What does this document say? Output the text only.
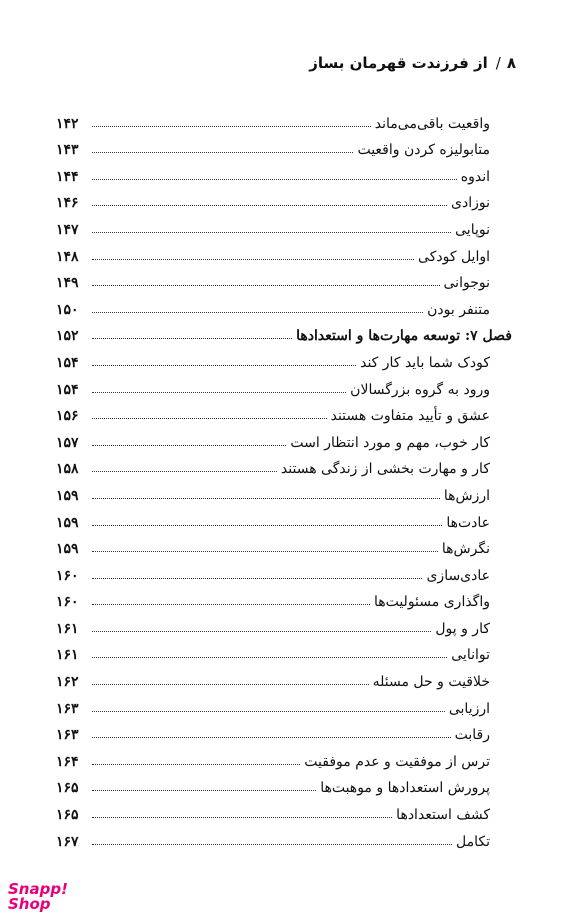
۸
/
از فرزندت قهرمان بساز
واقعیت باقی‌می‌ماند
۱۴۲
متابولیزه کردن واقعیت
۱۴۳
اندوه
۱۴۴
نوزادی
۱۴۶
نوپایی
۱۴۷
اوایل کودکی
۱۴۸
نوجوانی
۱۴۹
متنفر بودن
۱۵۰
فصل ۷: توسعه مهارت‌ها و استعدادها
۱۵۲
کودک شما باید کار کند
۱۵۴
ورود به گروه بزرگسالان
۱۵۴
عشق و تأیید متفاوت هستند
۱۵۶
کار خوب، مهم و مورد انتظار است
۱۵۷
کار و مهارت بخشی از زندگی هستند
۱۵۸
ارزش‌ها
۱۵۹
عادت‌ها
۱۵۹
نگرش‌ها
۱۵۹
عادی‌سازی
۱۶۰
واگذاری مسئولیت‌ها
۱۶۰
کار و پول
۱۶۱
توانایی
۱۶۱
خلاقیت و حل مسئله
۱۶۲
ارزیابی
۱۶۳
رقابت
۱۶۳
ترس از موفقیت و عدم موفقیت
۱۶۴
پرورش استعدادها و موهبت‌ها
۱۶۵
کشف استعدادها
۱۶۵
تکامل
۱۶۷
Snapp!
Shop
